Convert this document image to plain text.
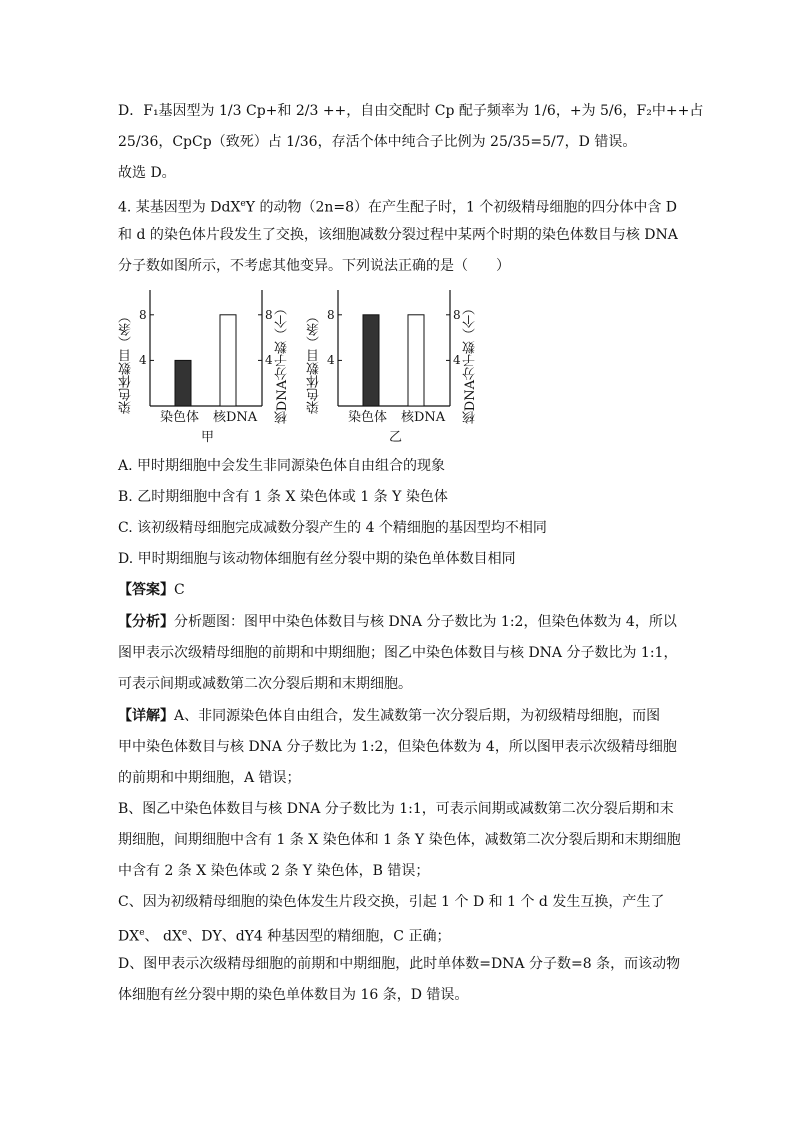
D．F₁基因型为 1/3 Cp+和 2/3 ++，自由交配时 Cp 配子频率为 1/6，+为 5/6，F₂中++占
25/36，CpCp（致死）占 1/36，存活个体中纯合子比例为 25/35=5/7，D 错误。
故选 D。
4. 某基因型为 DdX$^e$Y 的动物（2n=8）在产生配子时，1 个初级精母细胞的四分体中含 D
和 d 的染色体片段发生了交换，该细胞减数分裂过程中某两个时期的染色体数目与核 DNA
分子数如图所示，不考虑其他变异。下列说法正确的是（　　）
染色体数目（条）	核DNA分子数（个）
染色体 核DNA
甲
4	4
8	8	染色体数目（条）	核DNA分子数（个）
染色体 核DNA
乙
4	4
8	8
A. 甲时期细胞中会发生非同源染色体自由组合的现象
B. 乙时期细胞中含有 1 条 X 染色体或 1 条 Y 染色体
C. 该初级精母细胞完成减数分裂产生的 4 个精细胞的基因型均不相同
D. 甲时期细胞与该动物体细胞有丝分裂中期的染色单体数目相同
【答案】C
【分析】分析题图：图甲中染色体数目与核 DNA 分子数比为 1:2，但染色体数为 4，所以
图甲表示次级精母细胞的前期和中期细胞；图乙中染色体数目与核 DNA 分子数比为 1:1，
可表示间期或减数第二次分裂后期和末期细胞。
【详解】A、非同源染色体自由组合，发生减数第一次分裂后期，为初级精母细胞，而图
甲中染色体数目与核 DNA 分子数比为 1:2，但染色体数为 4，所以图甲表示次级精母细胞
的前期和中期细胞，A 错误；
B、图乙中染色体数目与核 DNA 分子数比为 1:1，可表示间期或减数第二次分裂后期和末
期细胞，间期细胞中含有 1 条 X 染色体和 1 条 Y 染色体，减数第二次分裂后期和末期细胞
中含有 2 条 X 染色体或 2 条 Y 染色体，B 错误；
C、因为初级精母细胞的染色体发生片段交换，引起 1 个 D 和 1 个 d 发生互换，产生了
DXe、 $dX^e$、DY、dY4 种基因型的精细胞，C 正确；
D、图甲表示次级精母细胞的前期和中期细胞，此时单体数=DNA 分子数=8 条，而该动物
体细胞有丝分裂中期的染色单体数目为 16 条，D 错误。
